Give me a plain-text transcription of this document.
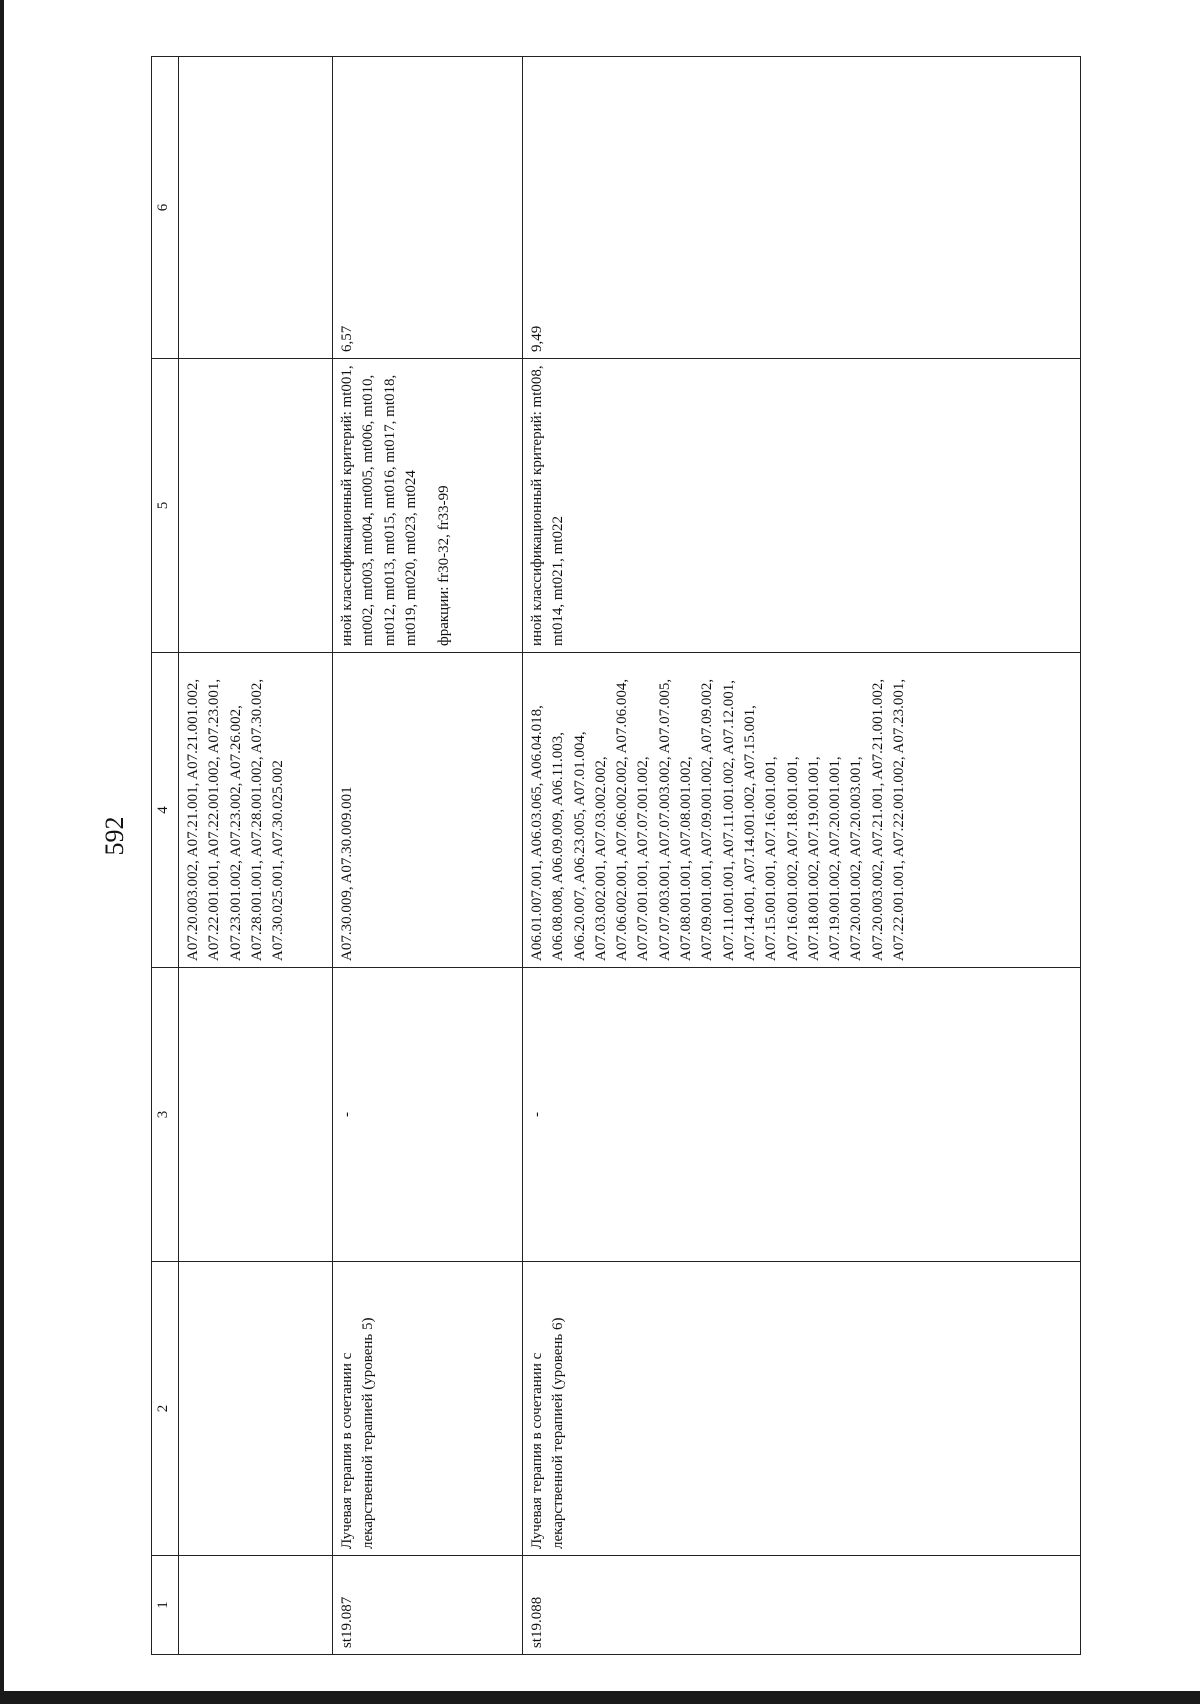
592
1	2	3	4	5	6
			A07.20.003.002, A07.21.001, A07.21.001.002, A07.22.001.001, A07.22.001.002, A07.23.001, A07.23.001.002, A07.23.002, A07.26.002, A07.28.001.001, A07.28.001.002, A07.30.002, A07.30.025.001, A07.30.025.002		
st19.087	Лучевая терапия в сочетании с лекарственной терапией (уровень 5)	-	A07.30.009, A07.30.009.001	иной классификационный критерий: mt001, mt002, mt003, mt004, mt005, mt006, mt010, mt012, mt013, mt015, mt016, mt017, mt018, mt019, mt020, mt023, mt024 фракции: fr30-32, fr33-99	6,57
st19.088	Лучевая терапия в сочетании с лекарственной терапией (уровень 6)	-	A06.01.007.001, A06.03.065, A06.04.018, A06.08.008, A06.09.009, A06.11.003, A06.20.007, A06.23.005, A07.01.004, A07.03.002.001, A07.03.002.002, A07.06.002.001, A07.06.002.002, A07.06.004, A07.07.001.001, A07.07.001.002, A07.07.003.001, A07.07.003.002, A07.07.005, A07.08.001.001, A07.08.001.002, A07.09.001.001, A07.09.001.002, A07.09.002, A07.11.001.001, A07.11.001.002, A07.12.001, A07.14.001, A07.14.001.002, A07.15.001, A07.15.001.001, A07.16.001.001, A07.16.001.002, A07.18.001.001, A07.18.001.002, A07.19.001.001, A07.19.001.002, A07.20.001.001, A07.20.001.002, A07.20.003.001, A07.20.003.002, A07.21.001, A07.21.001.002, A07.22.001.001, A07.22.001.002, A07.23.001,	иной классификационный критерий: mt008, mt014, mt021, mt022	9,49
